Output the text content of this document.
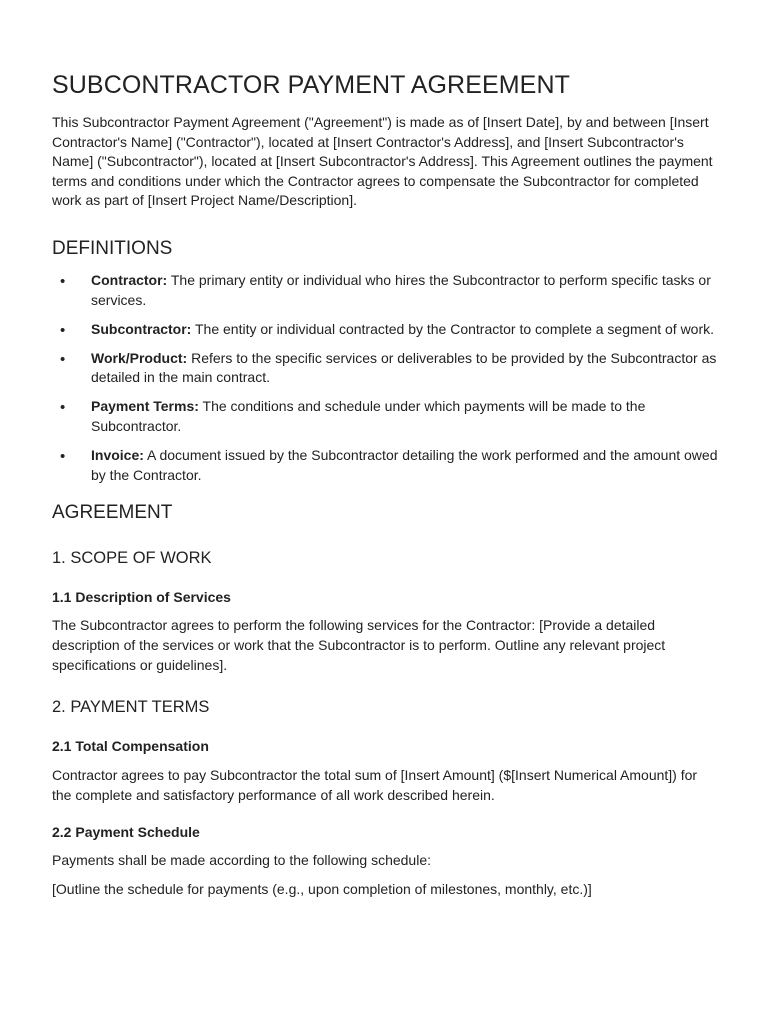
SUBCONTRACTOR PAYMENT AGREEMENT

This Subcontractor Payment Agreement ("Agreement") is made as of [Insert Date], by and between [Insert Contractor's Name] ("Contractor"), located at [Insert Contractor's Address], and [Insert Subcontractor's Name] ("Subcontractor"), located at [Insert Subcontractor's Address]. This Agreement outlines the payment terms and conditions under which the Contractor agrees to compensate the Subcontractor for completed work as part of [Insert Project Name/Description].

DEFINITIONS
• Contractor: The primary entity or individual who hires the Subcontractor to perform specific tasks or services.
• Subcontractor: The entity or individual contracted by the Contractor to complete a segment of work.
• Work/Product: Refers to the specific services or deliverables to be provided by the Subcontractor as detailed in the main contract.
• Payment Terms: The conditions and schedule under which payments will be made to the Subcontractor.
• Invoice: A document issued by the Subcontractor detailing the work performed and the amount owed by the Contractor.
AGREEMENT
1. SCOPE OF WORK
1.1 Description of Services

The Subcontractor agrees to perform the following services for the Contractor: [Provide a detailed description of the services or work that the Subcontractor is to perform. Outline any relevant project specifications or guidelines].

2. PAYMENT TERMS
2.1 Total Compensation

Contractor agrees to pay Subcontractor the total sum of [Insert Amount] ($[Insert Numerical Amount]) for the complete and satisfactory performance of all work described herein.

2.2 Payment Schedule

Payments shall be made according to the following schedule:

[Outline the schedule for payments (e.g., upon completion of milestones, monthly, etc.)]
